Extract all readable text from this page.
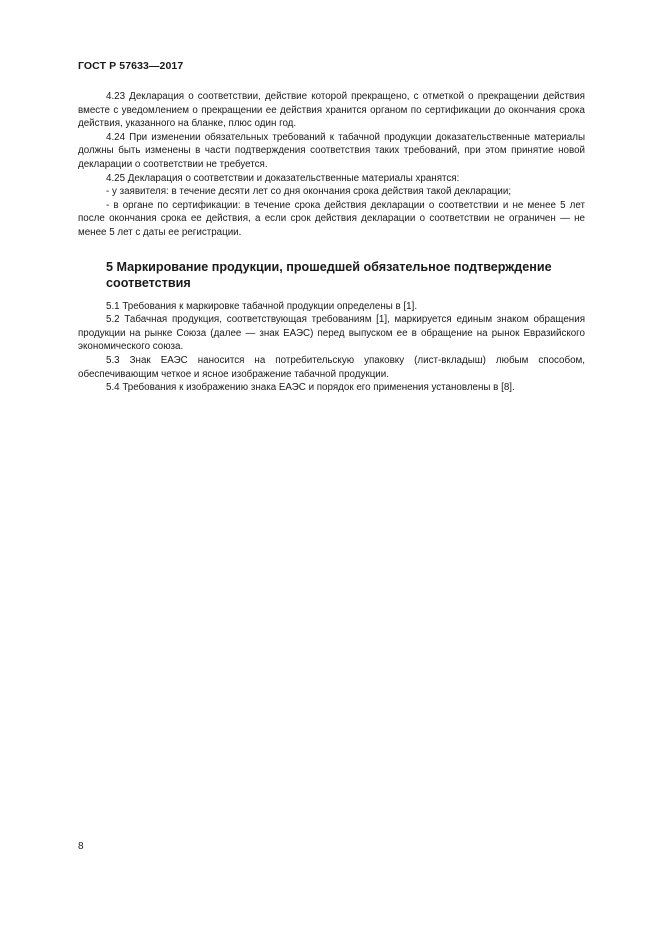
ГОСТ Р 57633—2017

4.23 Декларация о соответствии, действие которой прекращено, с отметкой о прекращении действия вместе с уведомлением о прекращении ее действия хранится органом по сертификации до окончания срока действия, указанного на бланке, плюс один год.

4.24 При изменении обязательных требований к табачной продукции доказательственные материалы должны быть изменены в части подтверждения соответствия таких требований, при этом принятие новой декларации о соответствии не требуется.

4.25 Декларация о соответствии и доказательственные материалы хранятся:

- у заявителя: в течение десяти лет со дня окончания срока действия такой декларации;

- в органе по сертификации: в течение срока действия декларации о соответствии и не менее 5 лет после окончания срока ее действия, а если срок действия декларации о соответствии не ограничен — не менее 5 лет с даты ее регистрации.

5 Маркирование продукции, прошедшей обязательное подтверждение соответствия

5.1 Требования к маркировке табачной продукции определены в [1].

5.2 Табачная продукция, соответствующая требованиям [1], маркируется единым знаком обращения продукции на рынке Союза (далее — знак ЕАЭС) перед выпуском ее в обращение на рынок Евразийского экономического союза.

5.3 Знак ЕАЭС наносится на потребительскую упаковку (лист-вкладыш) любым способом, обеспечивающим четкое и ясное изображение табачной продукции.

5.4 Требования к изображению знака ЕАЭС и порядок его применения установлены в [8].

8
